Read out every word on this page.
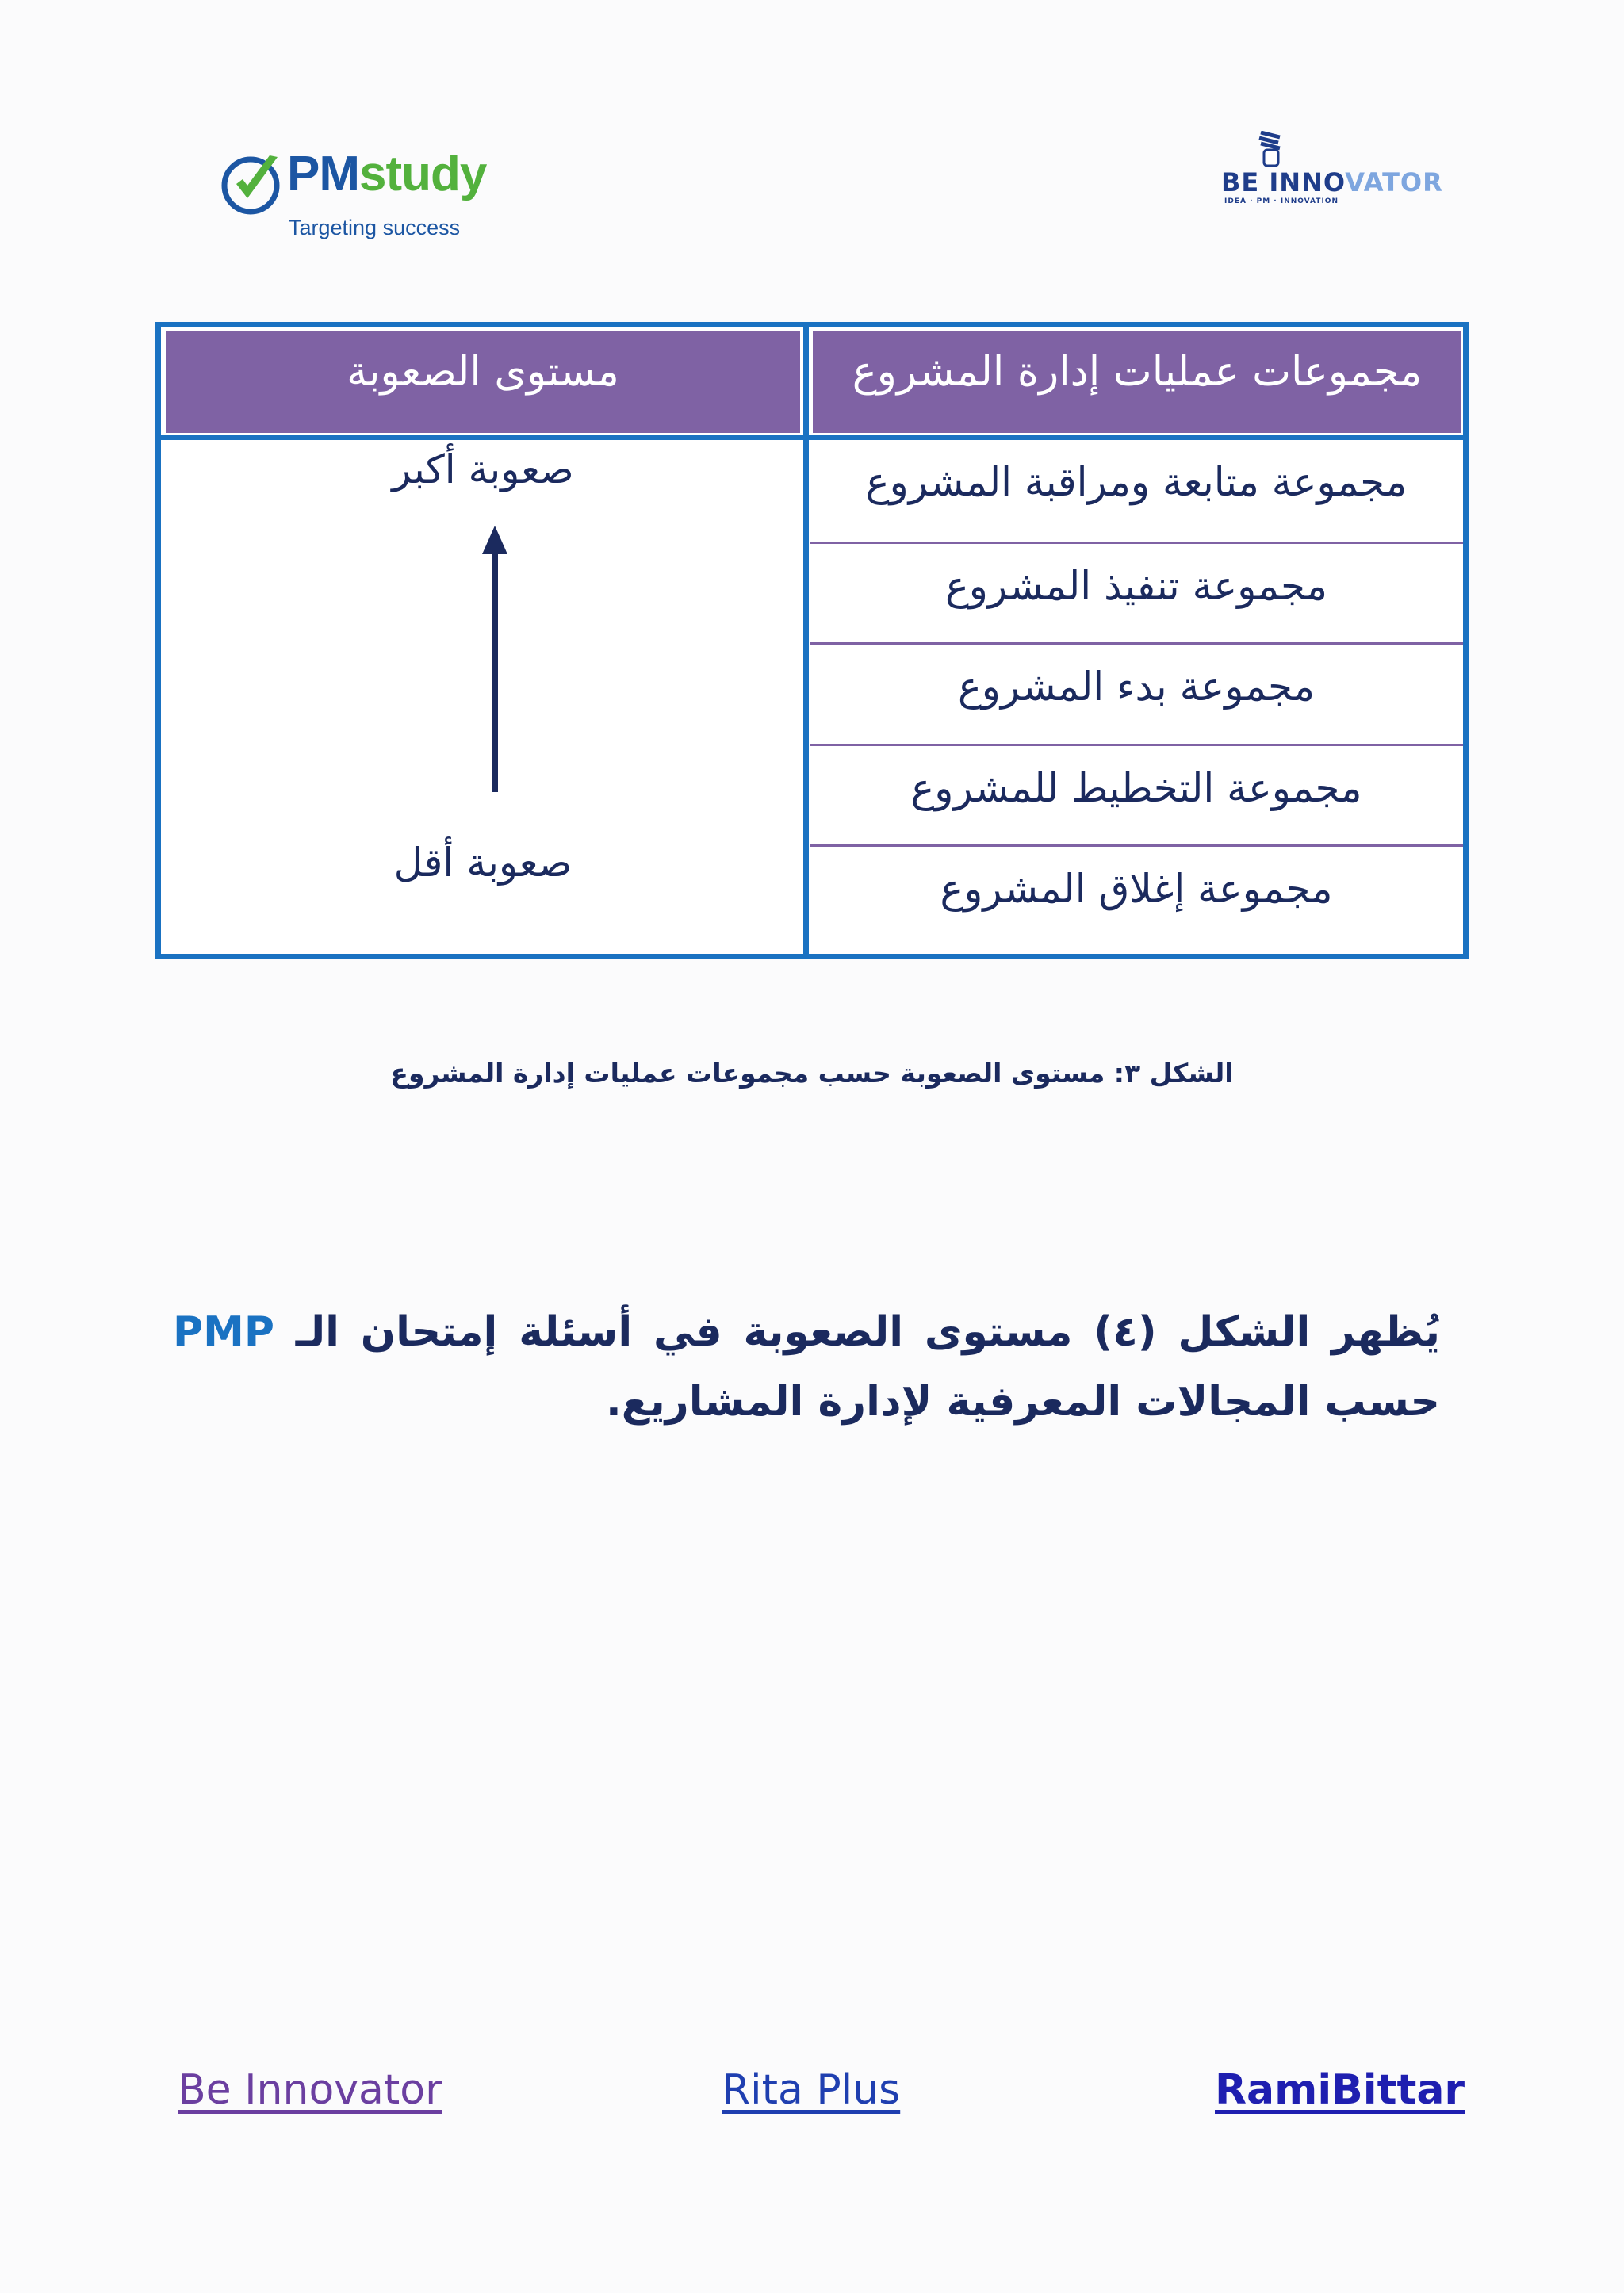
PMstudy
Targeting success
BE INNOVATOR
IDEA · PM · INNOVATION
مستوى الصعوبة	مجموعات عمليات إدارة المشروع
مجموعة متابعة ومراقبة المشروع
مجموعة تنفيذ المشروع
مجموعة بدء المشروع
مجموعة التخطيط للمشروع
مجموعة إغلاق المشروع
صعوبة أكبر
صعوبة أقل
الشكل ٣: مستوى الصعوبة حسب مجموعات عمليات إدارة المشروع
يُظهر الشكل (٤) مستوى الصعوبة في أسئلة إمتحان الـ PMP حسب المجالات المعرفية لإدارة المشاريع.
Be Innovator	Rita Plus	RamiBittar
